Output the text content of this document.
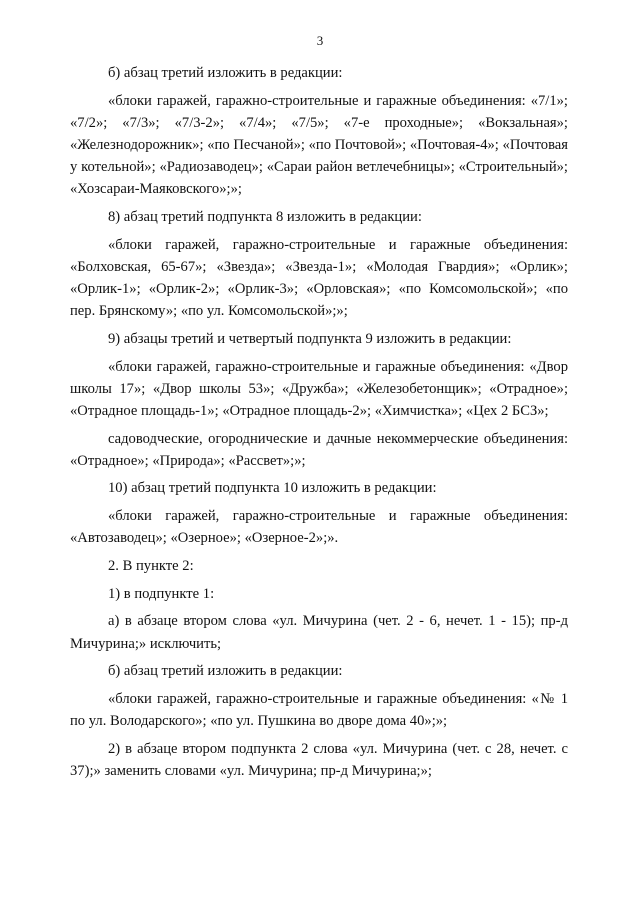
3

б) абзац третий изложить в редакции:

«блоки гаражей, гаражно-строительные и гаражные объединения: «7/1»; «7/2»; «7/3»; «7/3-2»; «7/4»; «7/5»; «7-е проходные»; «Вокзальная»; «Железнодорожник»; «по Песчаной»; «по Почтовой»; «Почтовая-4»; «Почтовая у котельной»; «Радиозаводец»; «Сараи район ветлечебницы»; «Строительный»; «Хозсараи-Маяковского»;»;

8) абзац третий подпункта 8 изложить в редакции:

«блоки гаражей, гаражно-строительные и гаражные объединения: «Болховская, 65-67»; «Звезда»; «Звезда-1»; «Молодая Гвардия»; «Орлик»; «Орлик-1»; «Орлик-2»; «Орлик-3»; «Орловская»; «по Комсомольской»; «по пер. Брянскому»; «по ул. Комсомольской»;»;

9) абзацы третий и четвертый подпункта 9 изложить в редакции:

«блоки гаражей, гаражно-строительные и гаражные объединения: «Двор школы 17»; «Двор школы 53»; «Дружба»; «Железобетонщик»; «Отрадное»; «Отрадное площадь-1»; «Отрадное площадь-2»; «Химчистка»; «Цех 2 БСЗ»;

садоводческие, огороднические и дачные некоммерческие объединения: «Отрадное»; «Природа»; «Рассвет»;»;

10) абзац третий подпункта 10 изложить в редакции:

«блоки гаражей, гаражно-строительные и гаражные объединения: «Автозаводец»; «Озерное»; «Озерное-2»;».

2. В пункте 2:

1) в подпункте 1:

а) в абзаце втором слова «ул. Мичурина (чет. 2 - 6, нечет. 1 - 15); пр-д Мичурина;» исключить;

б) абзац третий изложить в редакции:

«блоки гаражей, гаражно-строительные и гаражные объединения: «№ 1 по ул. Володарского»; «по ул. Пушкина во дворе дома 40»;»;

2) в абзаце втором подпункта 2 слова «ул. Мичурина (чет. с 28, нечет. с 37);» заменить словами «ул. Мичурина; пр-д Мичурина;»;
